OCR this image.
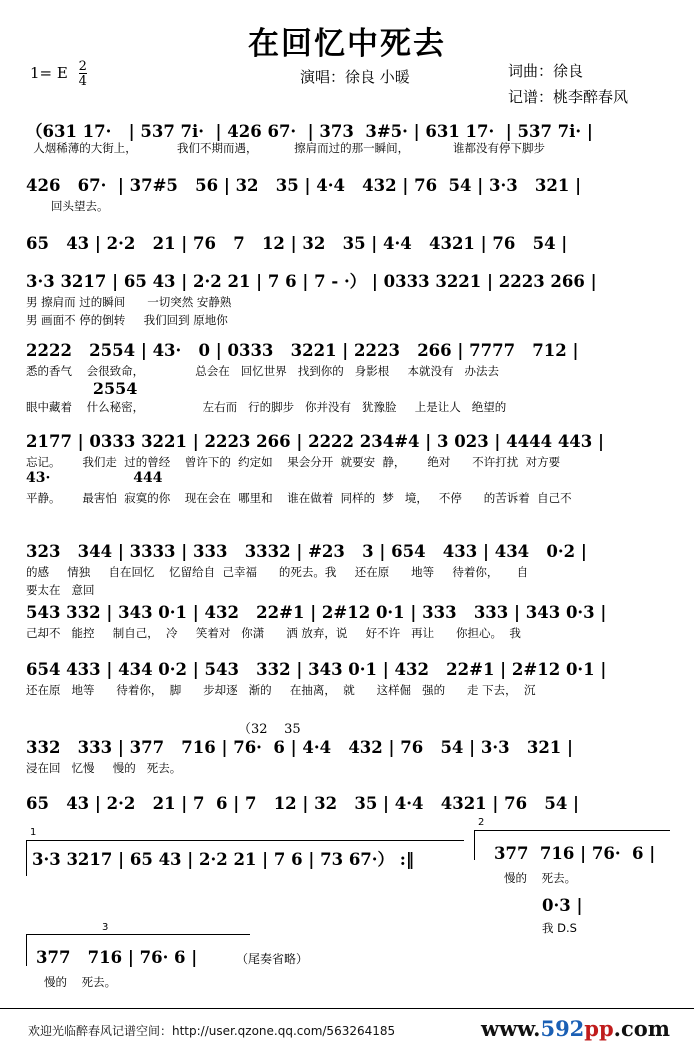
在回忆中死去
1= E $\frac{2}{4}$	演唱：徐良 小暖	词曲：徐良
记谱：桃李醉春风
（631 17·   | 537 7i·  | 426 67·  | 373  3#5· | 631 17·  | 537 7i· |
人烟稀薄的大街上，           我们不期而遇，          擦肩而过的那一瞬间，            谁都没有停下脚步
426   67·  | 37#5   56 | 32   35 | 4·4   432 | 76  54 | 3·3   321 |
回头望去。
65   43 | 2·2   21 | 76   7   12 | 32   35 | 4·4   4321 | 76   54 |
3·3 3217 | 65 43 | 2·2 21 | 7 6 | 7 - ·） | 0333 3221 | 2223 266 |
男 擦肩而 过的瞬间      一切突然 安静熟
男 画面不 停的倒转     我们回到 原地你
2222   2554 | 43·   0 | 0333   3221 | 2223   266 | 7777   712 |
悉的香气    会很致命，              总会在   回忆世界   找到你的   身影根     本就没有   办法去
2554
眼中藏着    什么秘密，                左右而   行的脚步   你并没有   犹豫脸     上是让人   绝望的
2177 | 0333 3221 | 2223 266 | 2222 234#4 | 3 023 | 4444 443 |
忘记。      我们走  过的曾经    曾许下的  约定如    果会分开  就要安  静，      绝对      不许打扰  对方要
43·                 444
平静。      最害怕  寂寞的你    现在会在  哪里和    谁在做着  同样的  梦   境，   不停      的苦诉着  自己不
323   344 | 3333 | 333   3332 | #23   3 | 654   433 | 434   0·2 |
的感     情独     自在回忆    忆留给自  己幸福      的死去。我     还在原      地等     待着你，     自
要太在   意回
543 332 | 343 0·1 | 432   22#1 | 2#12 0·1 | 333   333 | 343 0·3 |
己却不   能控     制自己，  冷     笑着对   你潇      洒 放弃，说     好不许   再让      你担心。  我
654 433 | 434 0·2 | 543   332 | 343 0·1 | 432   22#1 | 2#12 0·1 |
还在原   地等      待着你，  脚      步却逐   渐的     在抽离，  就      这样倔   强的      走 下去，  沉
（32    35
332   333 | 377   716 | 76·  6 | 4·4   432 | 76   54 | 3·3   321 |
浸在回   忆慢     慢的   死去。
65   43 | 2·2   21 | 7  6 | 7   12 | 32   35 | 4·4   4321 | 76   54 |
1
2
3·3 3217 | 65 43 | 2·2 21 | 7 6 | 73 67·） :‖	377  716 | 76·  6 |
慢的    死去。
0·3 |
我 D.S
3
377   716 | 76· 6 |
慢的    死去。
（尾奏省略）
欢迎光临醉春风记谱空间：http://user.qzone.qq.com/563264185	www.592pp.com
